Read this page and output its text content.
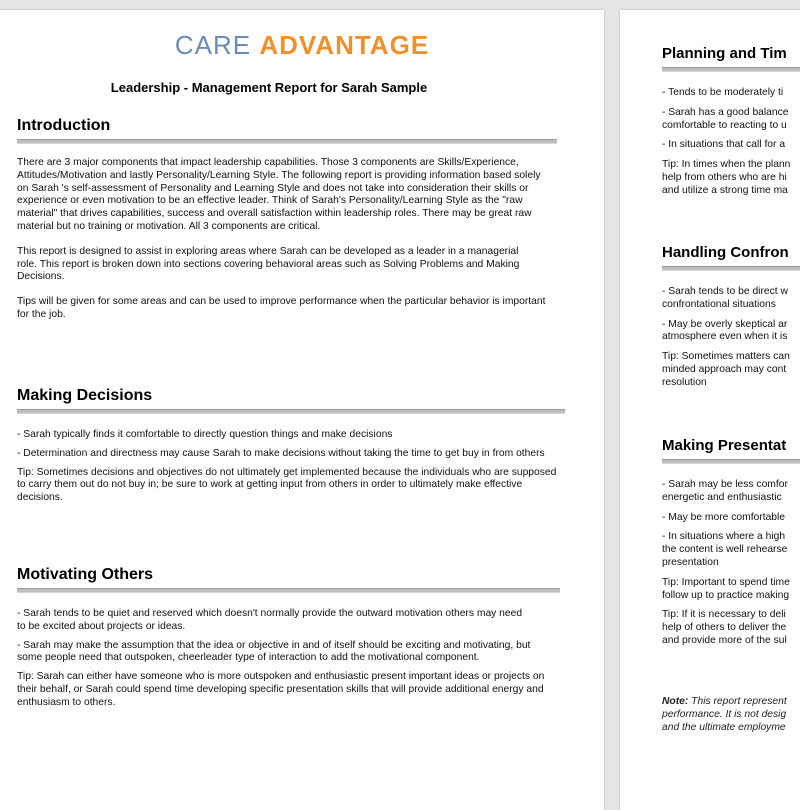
CARE ADVANTAGE
Leadership - Management Report for Sarah Sample
Introduction

There are 3 major components that impact leadership capabilities. Those 3 components are Skills/Experience, Attitudes/Motivation and lastly Personality/Learning Style. The following report is providing information based solely on Sarah 's self-assessment of Personality and Learning Style and does not take into consideration their skills or experience or even motivation to be an effective leader. Think of Sarah's Personality/Learning Style as the "raw material" that drives capabilities, success and overall satisfaction within leadership roles. There may be great raw material but no training or motivation. All 3 components are critical.

This report is designed to assist in exploring areas where Sarah can be developed as a leader in a managerial role. This report is broken down into sections covering behavioral areas such as Solving Problems and Making Decisions.

Tips will be given for some areas and can be used to improve performance when the particular behavior is important for the job.

Making Decisions

- Sarah typically finds it comfortable to directly question things and make decisions

- Determination and directness may cause Sarah to make decisions without taking the time to get buy in from others

Tip: Sometimes decisions and objectives do not ultimately get implemented because the individuals who are supposed to carry them out do not buy in; be sure to work at getting input from others in order to ultimately make effective decisions.

Motivating Others

- Sarah tends to be quiet and reserved which doesn't normally provide the outward motivation others may need to be excited about projects or ideas.

- Sarah may make the assumption that the idea or objective in and of itself should be exciting and motivating, but some people need that outspoken, cheerleader type of interaction to add the motivational component.

Tip: Sarah can either have someone who is more outspoken and enthusiastic present important ideas or projects on their behalf, or Sarah could spend time developing specific presentation skills that will provide additional energy and enthusiasm to others.

Planning and Tim

- Tends to be moderately ti

- Sarah has a good balance

comfortable to reacting to u

- In situations that call for a

Tip: In times when the plann

help from others who are hi

and utilize a strong time ma

Handling Confron

- Sarah tends to be direct w

confrontational situations

- May be overly skeptical ar

atmosphere even when it is

Tip: Sometimes matters can

minded approach may cont

resolution

Making Presentat

- Sarah may be less comfor

energetic and enthusiastic

- May be more comfortable

- In situations where a high

the content is well rehearse

presentation

Tip: Important to spend time

follow up to practice making

Tip: If it is necessary to deli

help of others to deliver the

and provide more of the sul

Note: This report represent
performance. It is not desig
and the ultimate employme
